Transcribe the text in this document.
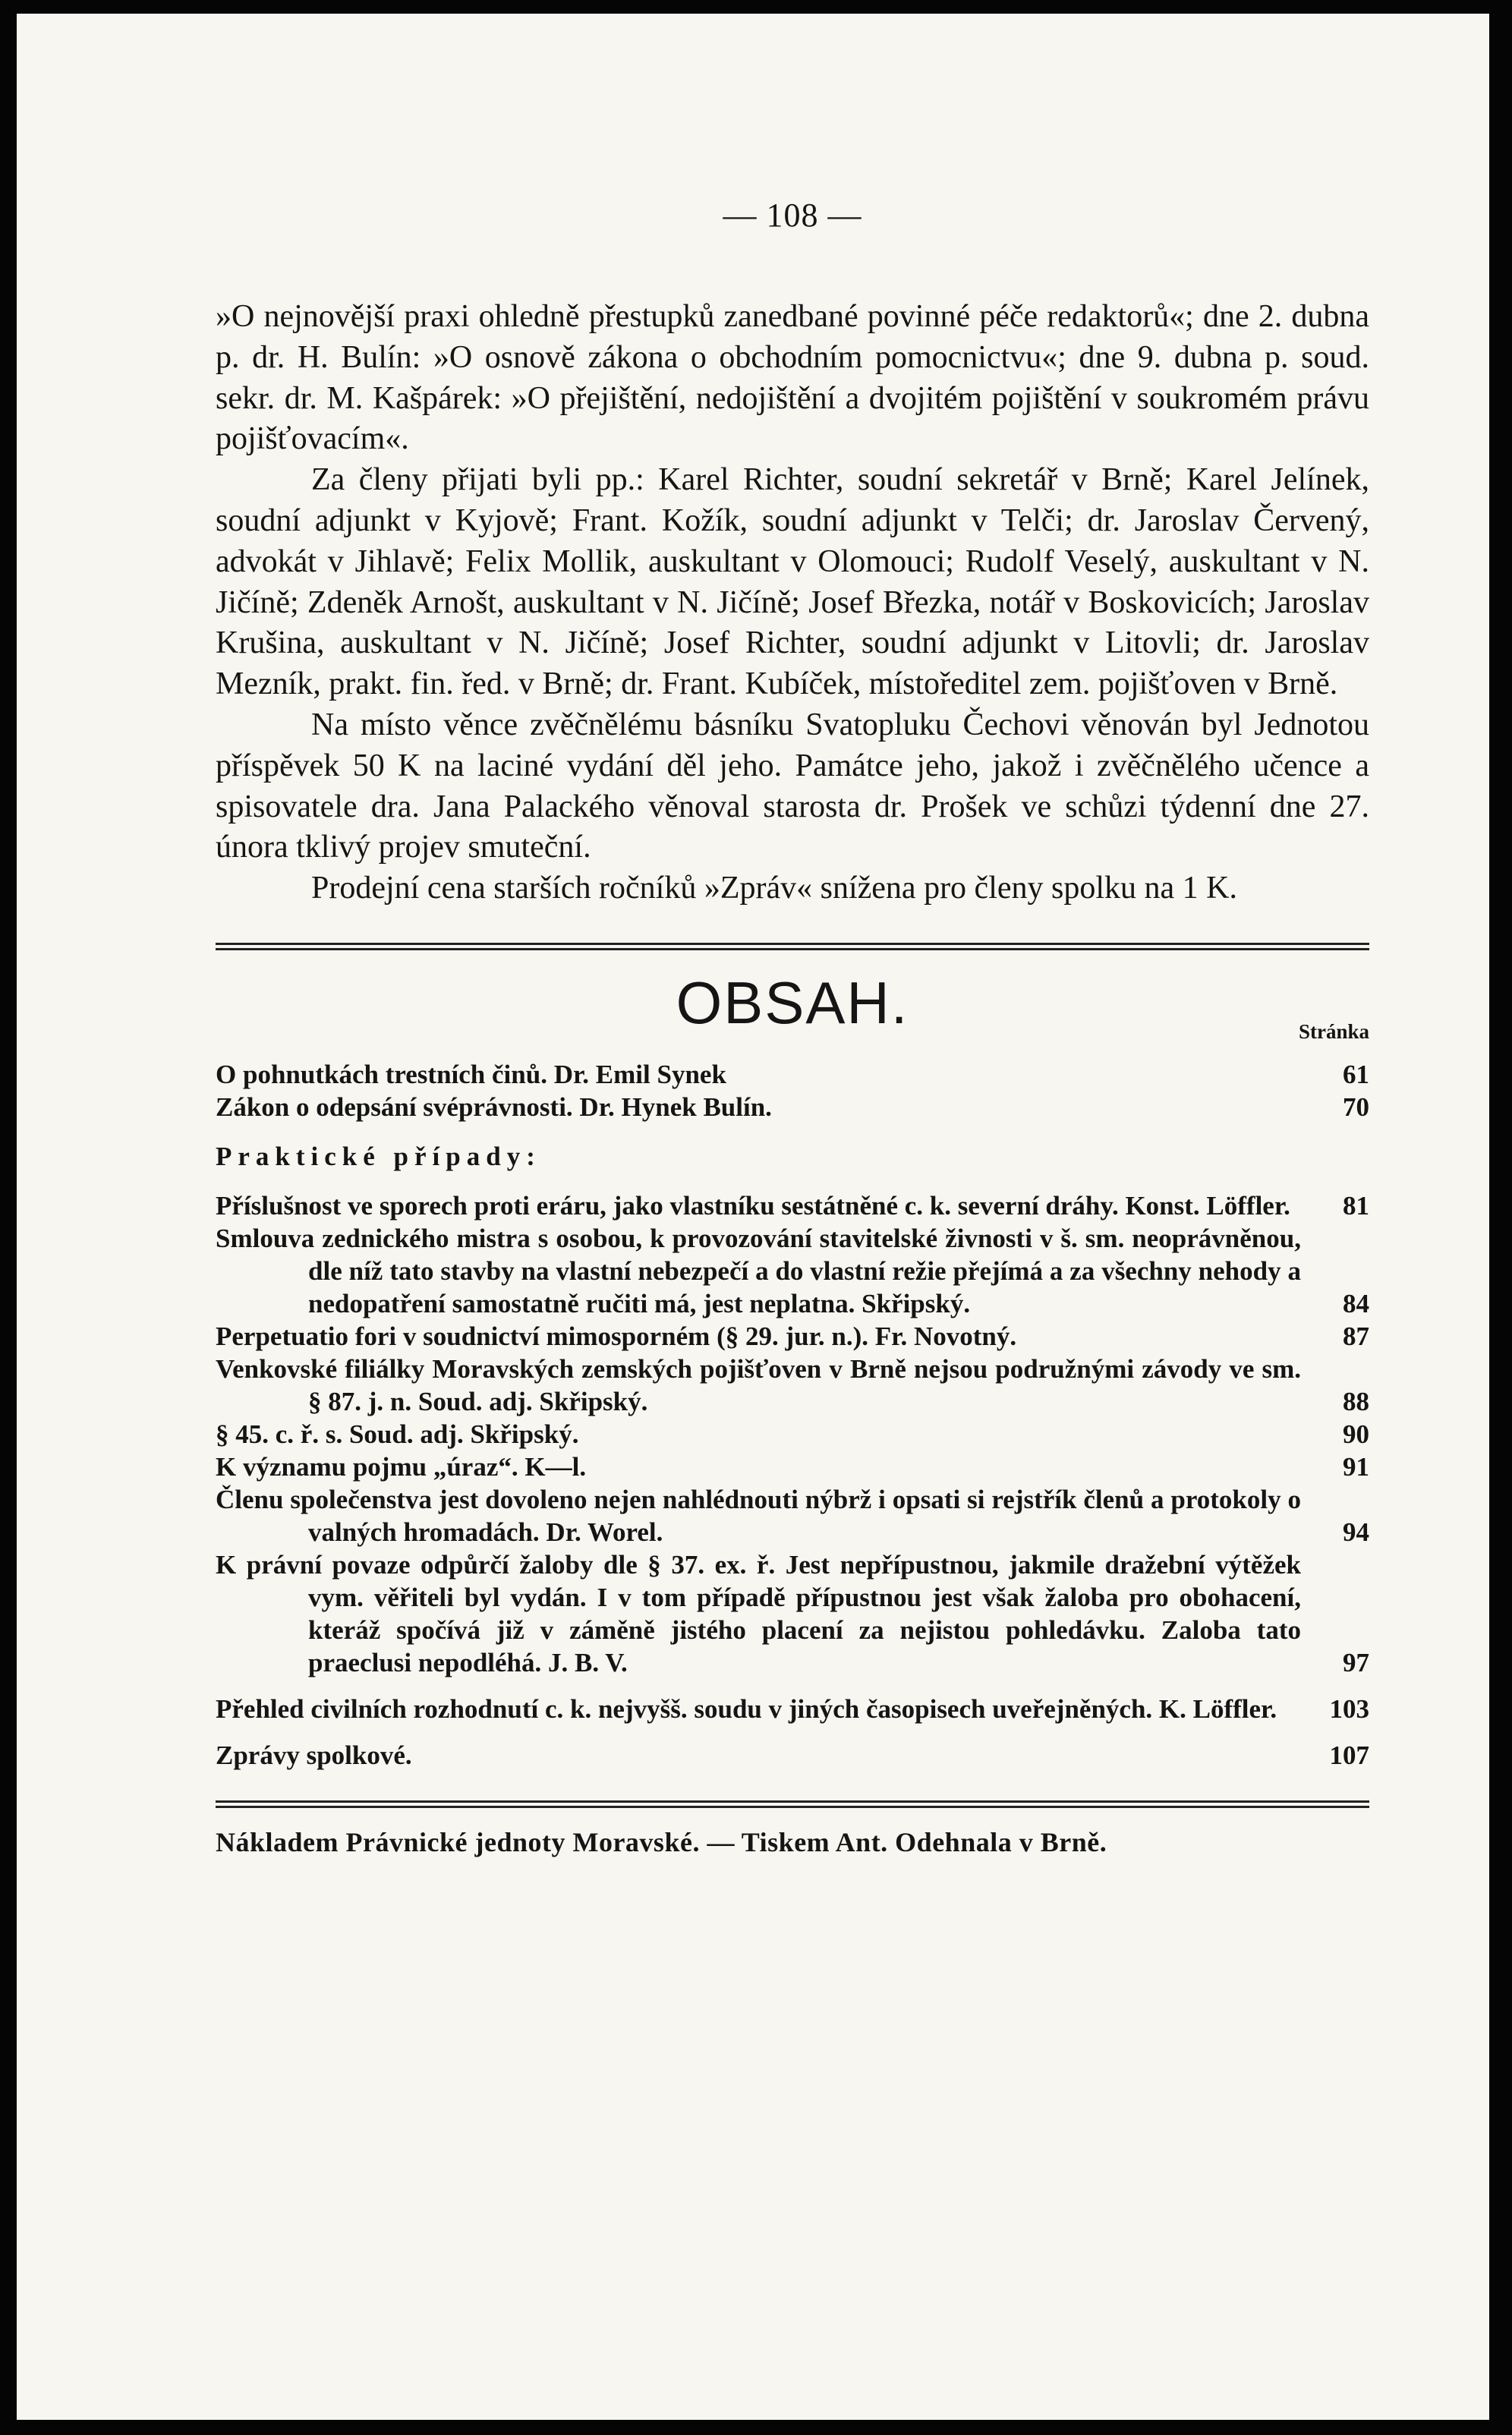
— 108 —

»O nejnovější praxi ohledně přestupků zanedbané povinné péče redaktorů«; dne 2. dubna p. dr. H. Bulín: »O osnově zákona o obchodním pomocnictvu«; dne 9. dubna p. soud. sekr. dr. M. Kašpárek: »O přejištění, nedojištění a dvojitém pojištění v soukromém právu pojišťovacím«.

Za členy přijati byli pp.: Karel Richter, soudní sekretář v Brně; Karel Jelínek, soudní adjunkt v Kyjově; Frant. Kožík, soudní adjunkt v Telči; dr. Jaroslav Červený, advokát v Jihlavě; Felix Mollik, auskultant v Olomouci; Rudolf Veselý, auskultant v N. Jičíně; Zdeněk Arnošt, auskultant v N. Jičíně; Josef Březka, notář v Boskovicích; Jaroslav Krušina, auskultant v N. Jičíně; Josef Richter, soudní adjunkt v Litovli; dr. Jaroslav Mezník, prakt. fin. řed. v Brně; dr. Frant. Kubíček, místoředitel zem. pojišťoven v Brně.

Na místo věnce zvěčnělému básníku Svatopluku Čechovi věnován byl Jednotou příspěvek 50 K na laciné vydání děl jeho. Památce jeho, jakož i zvěčnělého učence a spisovatele dra. Jana Palackého věnoval starosta dr. Prošek ve schůzi týdenní dne 27. února tklivý projev smuteční.

Prodejní cena starších ročníků »Zpráv« snížena pro členy spolku na 1 K.

OBSAH.	Stránka
O pohnutkách trestních činů. Dr. Emil Synek	61
Zákon o odepsání svéprávnosti. Dr. Hynek Bulín.	70
Praktické případy:
Příslušnost ve sporech proti eráru, jako vlastníku sestátněné c. k. severní dráhy. Konst. Löffler.	81
Smlouva zednického mistra s osobou, k provozování stavitelské živnosti v š. sm. neoprávněnou, dle níž tato stavby na vlastní nebezpečí a do vlastní režie přejímá a za všechny nehody a nedopatření samostatně ručiti má, jest neplatna. Skřipský.	84
Perpetuatio fori v soudnictví mimosporném (§ 29. jur. n.). Fr. Novotný.	87
Venkovské filiálky Moravských zemských pojišťoven v Brně nejsou podružnými závody ve sm. § 87. j. n. Soud. adj. Skřipský.	88
§ 45. c. ř. s. Soud. adj. Skřipský.	90
K významu pojmu „úraz“. K—l.	91
Členu společenstva jest dovoleno nejen nahlédnouti nýbrž i opsati si rejstřík členů a protokoly o valných hromadách. Dr. Worel.	94
K právní povaze odpůrčí žaloby dle § 37. ex. ř. Jest nepřípustnou, jakmile dražební výtěžek vym. věřiteli byl vydán. I v tom případě přípustnou jest však žaloba pro obohacení, kteráž spočívá již v záměně jistého placení za nejistou pohledávku. Zaloba tato praeclusi nepodléhá. J. B. V.	97
Přehled civilních rozhodnutí c. k. nejvyšš. soudu v jiných časopisech uveřejněných. K. Löffler.	103
Zprávy spolkové.	107
Nákladem Právnické jednoty Moravské. — Tiskem Ant. Odehnala v Brně.
